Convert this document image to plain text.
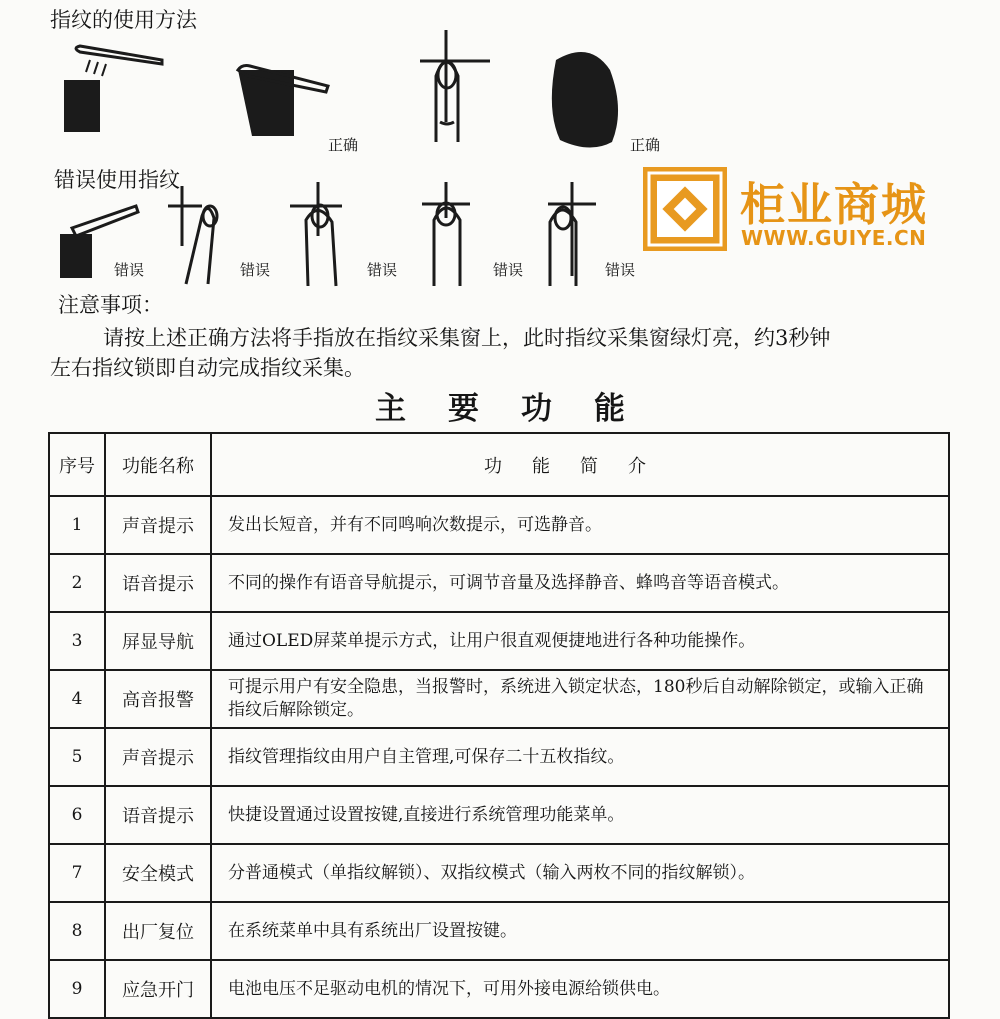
指纹的使用方法
正确	正确
错误使用指纹
错误	错误	错误	错误	错误
柜业商城
WWW.GUIYE.CN
注意事项：
请按上述正确方法将手指放在指纹采集窗上，此时指纹采集窗绿灯亮，约3秒钟
左右指纹锁即自动完成指纹采集。
主要功能
序号	功能名称	功能简介
1	声音提示	发出长短音，并有不同鸣响次数提示，可选静音。
2	语音提示	不同的操作有语音导航提示，可调节音量及选择静音、蜂鸣音等语音模式。
3	屏显导航	通过OLED屏菜单提示方式，让用户很直观便捷地进行各种功能操作。
4	高音报警	可提示用户有安全隐患，当报警时，系统进入锁定状态，180秒后自动解除锁定，或输入正确指纹后解除锁定。
5	声音提示	指纹管理指纹由用户自主管理,可保存二十五枚指纹。
6	语音提示	快捷设置通过设置按键,直接进行系统管理功能菜单。
7	安全模式	分普通模式（单指纹解锁）、双指纹模式（输入两枚不同的指纹解锁）。
8	出厂复位	在系统菜单中具有系统出厂设置按键。
9	应急开门	电池电压不足驱动电机的情况下，可用外接电源给锁供电。
